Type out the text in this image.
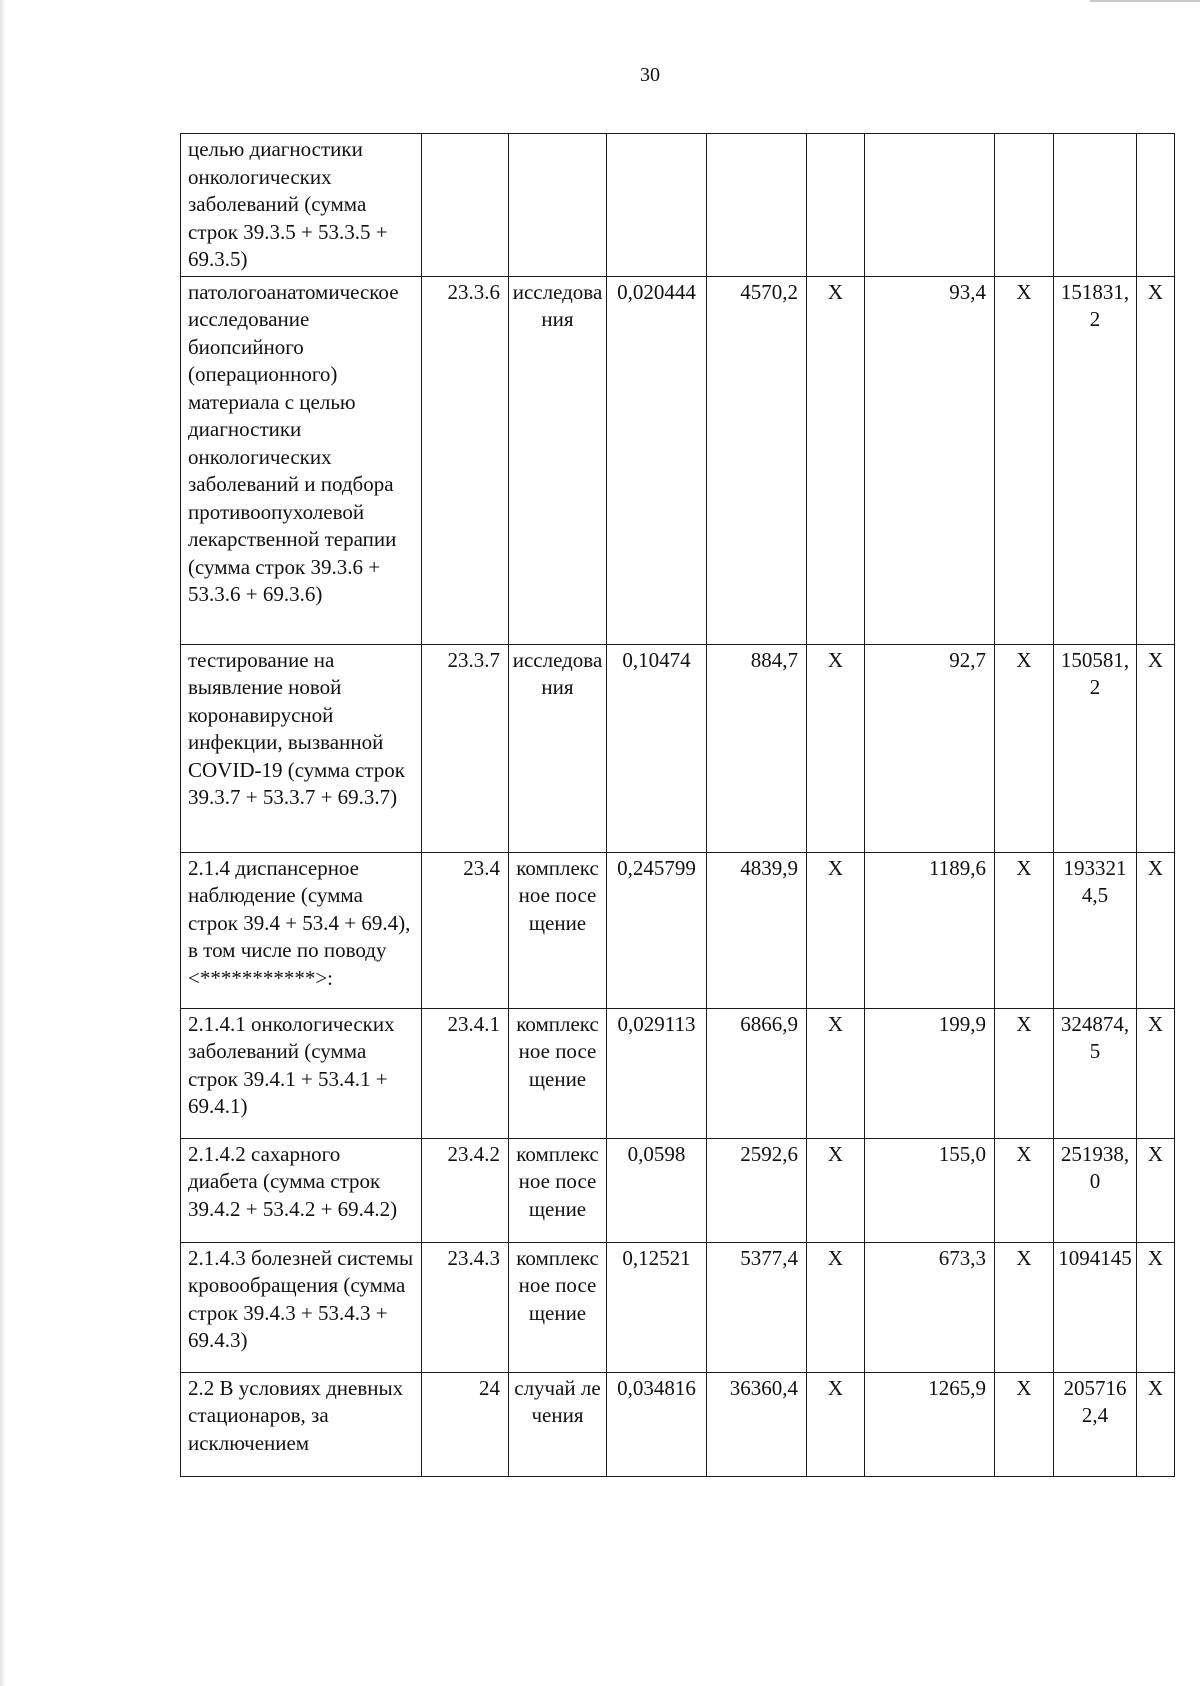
30
целью диагностики онкологических заболеваний (сумма строк 39.3.5 + 53.3.5 + 69.3.5)									
патологоанатомическое исследование биопсийного (операционного) материала с целью диагностики онкологических заболеваний и подбора противоопухолевой лекарственной терапии (сумма строк 39.3.6 + 53.3.6 + 69.3.6)	23.3.6	исследования	0,020444	4570,2	Х	93,4	Х	151831,2	Х
тестирование на выявление новой коронавирусной инфекции, вызванной COVID-19 (сумма строк 39.3.7 + 53.3.7 + 69.3.7)	23.3.7	исследования	0,10474	884,7	Х	92,7	Х	150581,2	Х
2.1.4 диспансерное наблюдение (сумма строк 39.4 + 53.4 + 69.4), в том числе по поводу <***********>:	23.4	комплексное посещение	0,245799	4839,9	Х	1189,6	Х	1933214,5	Х
2.1.4.1 онкологических заболеваний (сумма строк 39.4.1 + 53.4.1 + 69.4.1)	23.4.1	комплексное посещение	0,029113	6866,9	Х	199,9	Х	324874,5	Х
2.1.4.2 сахарного диабета (сумма строк 39.4.2 + 53.4.2 + 69.4.2)	23.4.2	комплексное посещение	0,0598	2592,6	Х	155,0	Х	251938,0	Х
2.1.4.3 болезней системы кровообращения (сумма строк 39.4.3 + 53.4.3 + 69.4.3)	23.4.3	комплексное посещение	0,12521	5377,4	Х	673,3	Х	1094145	Х
2.2 В условиях дневных стационаров, за исключением	24	случай лечения	0,034816	36360,4	Х	1265,9	Х	2057162,4	Х
